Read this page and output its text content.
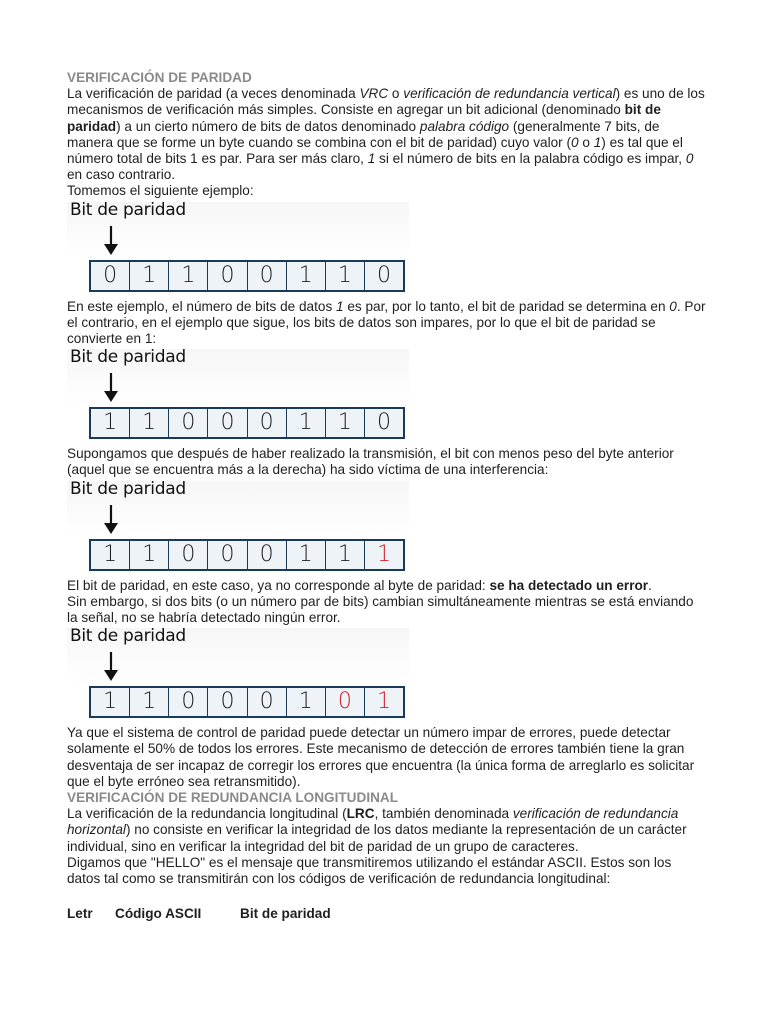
VERIFICACIÓN DE PARIDAD

La verificación de paridad (a veces denominada VRC o verificación de redundancia vertical) es uno de los mecanismos de verificación más simples. Consiste en agregar un bit adicional (denominado bit de paridad) a un cierto número de bits de datos denominado palabra código (generalmente 7 bits, de manera que se forme un byte cuando se combina con el bit de paridad) cuyo valor (0 o 1) es tal que el número total de bits 1 es par. Para ser más claro, 1 si el número de bits en la palabra código es impar, 0 en caso contrario.

Tomemos el siguiente ejemplo:

Bit de paridad
0	1	1	0	0	1	1	0

En este ejemplo, el número de bits de datos 1 es par, por lo tanto, el bit de paridad se determina en 0. Por el contrario, en el ejemplo que sigue, los bits de datos son impares, por lo que el bit de paridad se convierte en 1:

Bit de paridad
1	1	0	0	0	1	1	0

Supongamos que después de haber realizado la transmisión, el bit con menos peso del byte anterior (aquel que se encuentra más a la derecha) ha sido víctima de una interferencia:

Bit de paridad
1	1	0	0	0	1	1	1

El bit de paridad, en este caso, ya no corresponde al byte de paridad: se ha detectado un error.

Sin embargo, si dos bits (o un número par de bits) cambian simultáneamente mientras se está enviando la señal, no se habría detectado ningún error.

Bit de paridad
1	1	0	0	0	1	0	1

Ya que el sistema de control de paridad puede detectar un número impar de errores, puede detectar solamente el 50% de todos los errores. Este mecanismo de detección de errores también tiene la gran desventaja de ser incapaz de corregir los errores que encuentra (la única forma de arreglarlo es solicitar que el byte erróneo sea retransmitido).

VERIFICACIÓN DE REDUNDANCIA LONGITUDINAL

La verificación de la redundancia longitudinal (LRC, también denominada verificación de redundancia horizontal) no consiste en verificar la integridad de los datos mediante la representación de un carácter individual, sino en verificar la integridad del bit de paridad de un grupo de caracteres.

Digamos que "HELLO" es el mensaje que transmitiremos utilizando el estándar ASCII. Estos son los datos tal como se transmitirán con los códigos de verificación de redundancia longitudinal:

Letr Código ASCII	Bit de paridad
